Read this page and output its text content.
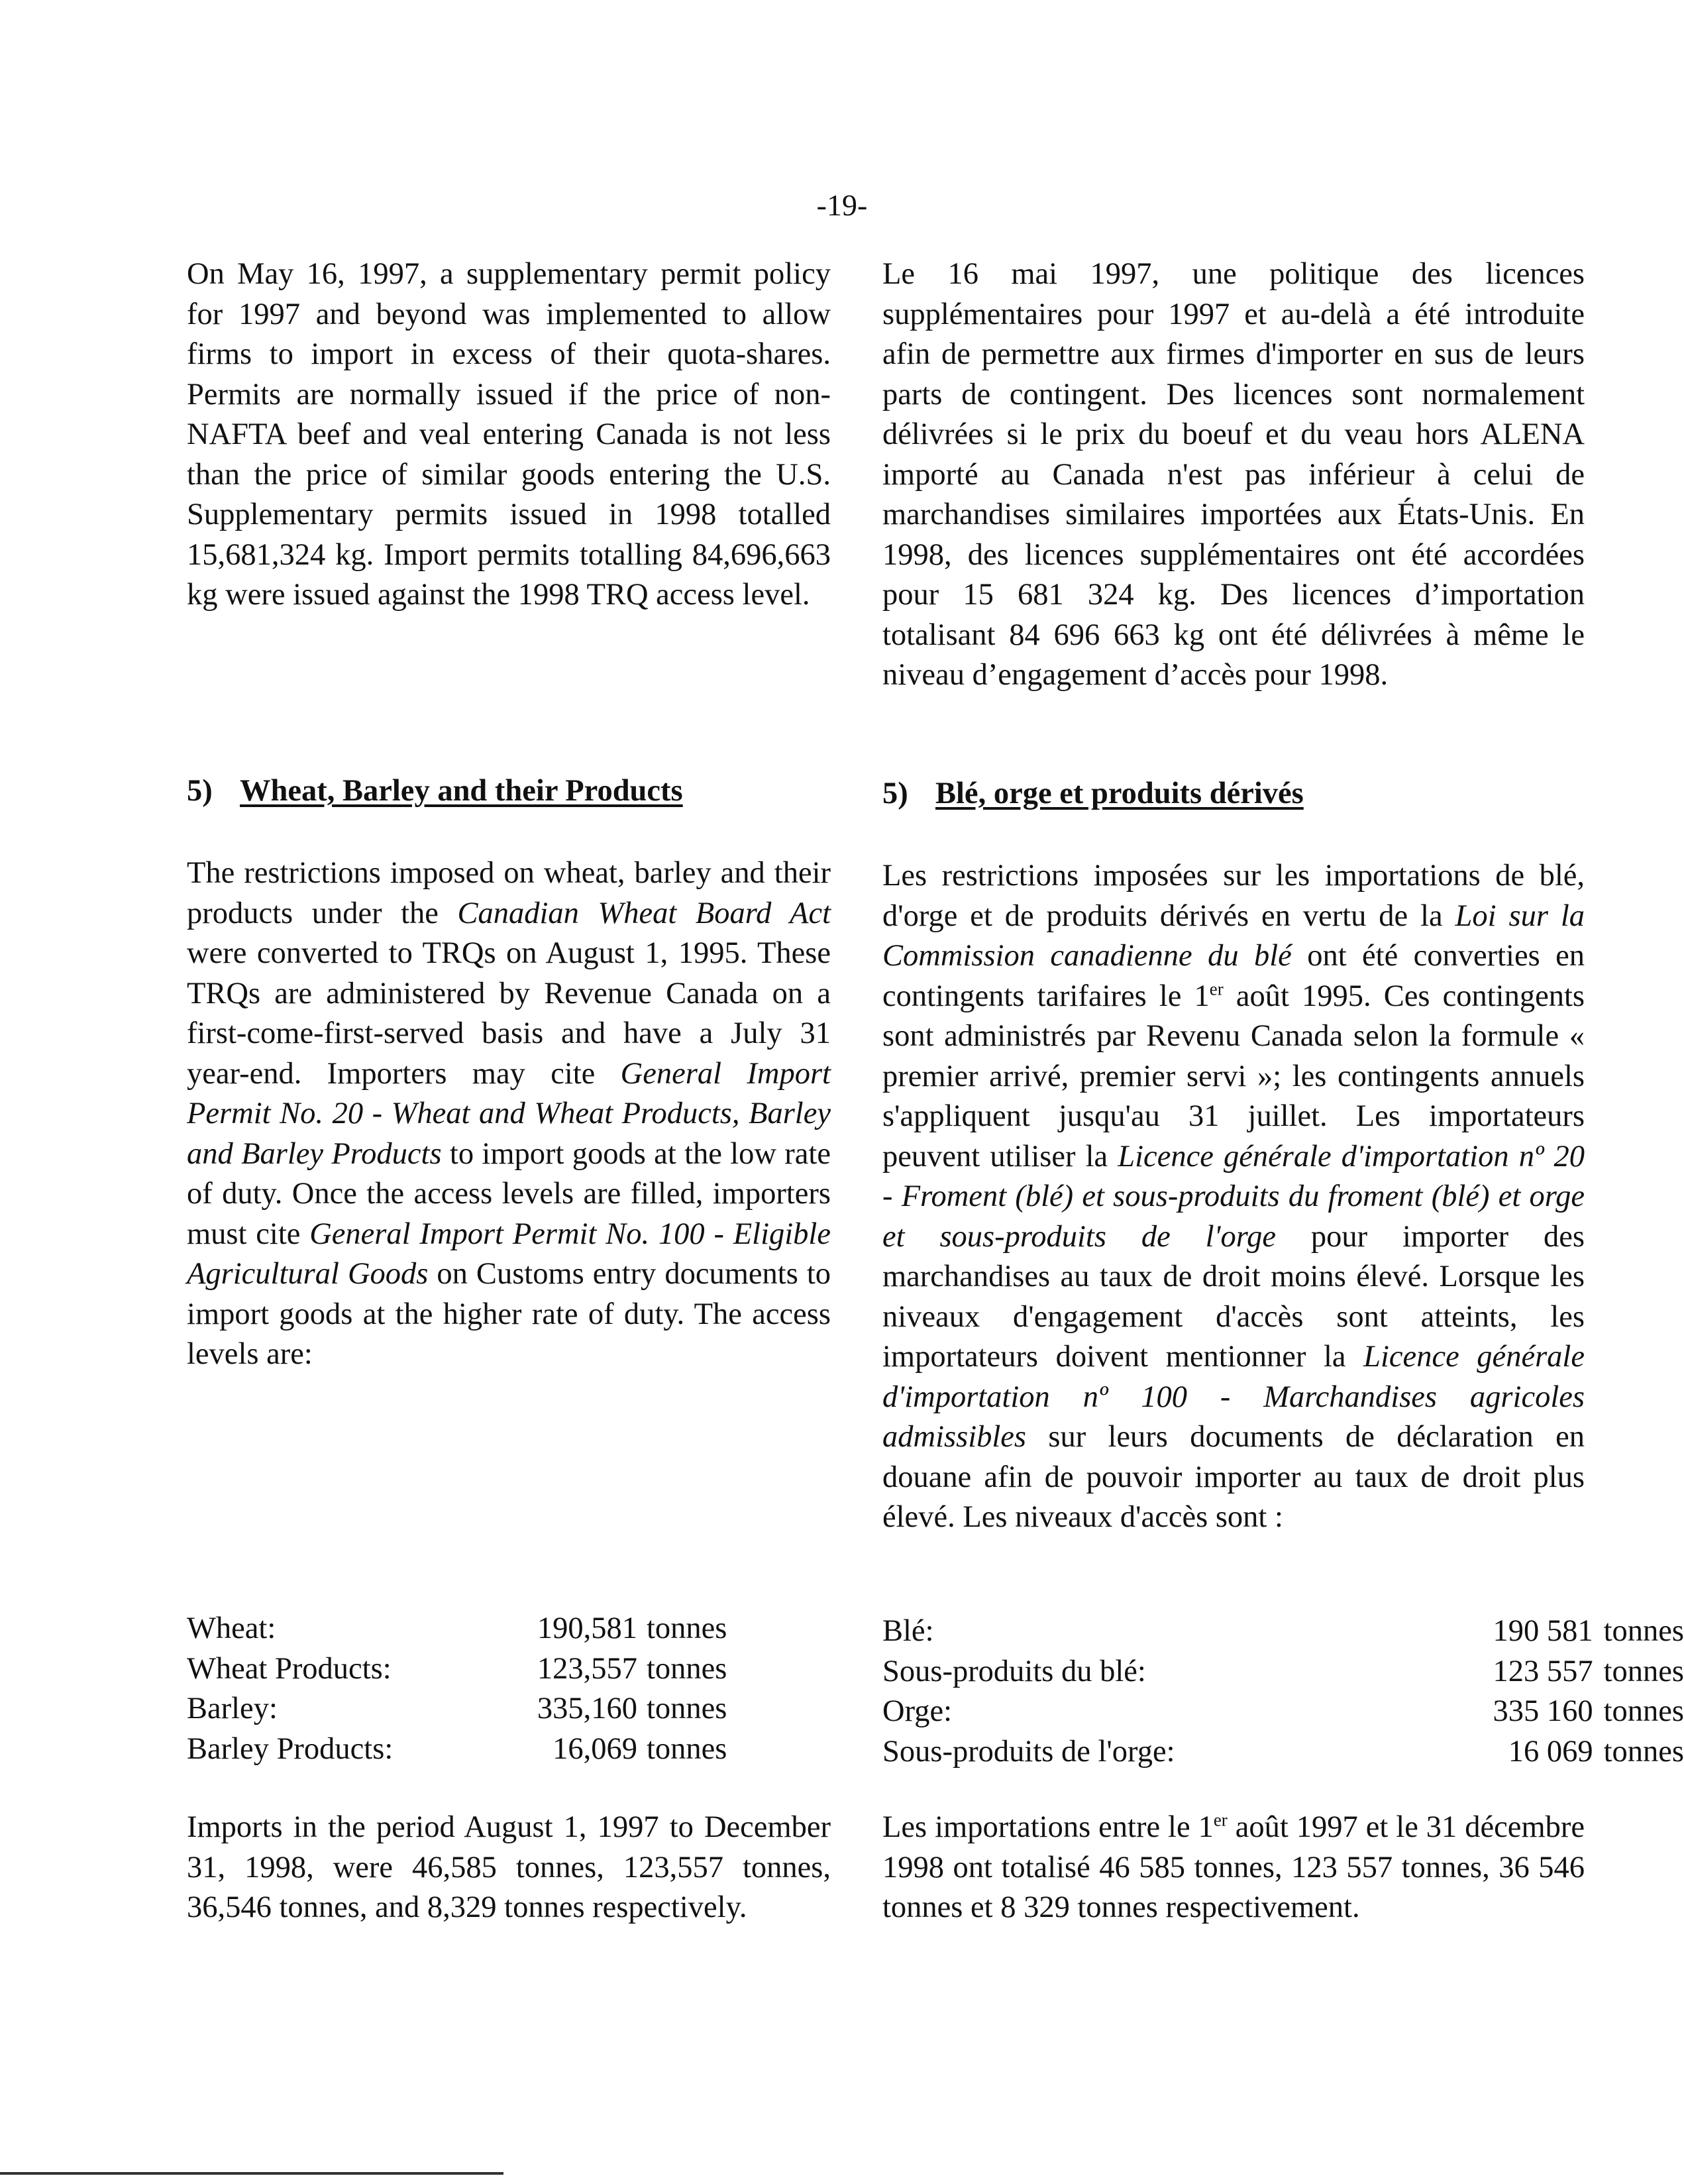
-19-

On May 16, 1997, a supplementary permit policy for 1997 and beyond was implemented to allow firms to import in excess of their quota-shares. Permits are normally issued if the price of non-NAFTA beef and veal entering Canada is not less than the price of similar goods entering the U.S. Supplementary permits issued in 1998 totalled 15,681,324 kg. Import permits totalling 84,696,663 kg were issued against the 1998 TRQ access level.

5) Wheat, Barley and their Products

The restrictions imposed on wheat, barley and their products under the Canadian Wheat Board Act were converted to TRQs on August 1, 1995. These TRQs are administered by Revenue Canada on a first-come-first-served basis and have a July 31 year-end. Importers may cite General Import Permit No. 20 - Wheat and Wheat Products, Barley and Barley Products to import goods at the low rate of duty. Once the access levels are filled, importers must cite General Import Permit No. 100 - Eligible Agricultural Goods on Customs entry documents to import goods at the higher rate of duty. The access levels are:

Wheat:	190,581	tonnes
Wheat Products:	123,557	tonnes
Barley:	335,160	tonnes
Barley Products:	16,069	tonnes

Imports in the period August 1, 1997 to December 31, 1998, were 46,585 tonnes, 123,557 tonnes, 36,546 tonnes, and 8,329 tonnes respectively.

Le 16 mai 1997, une politique des licences supplémentaires pour 1997 et au-delà a été introduite afin de permettre aux firmes d'importer en sus de leurs parts de contingent. Des licences sont normalement délivrées si le prix du boeuf et du veau hors ALENA importé au Canada n'est pas inférieur à celui de marchandises similaires importées aux États-Unis. En 1998, des licences supplémentaires ont été accordées pour 15 681 324 kg. Des licences d’importation totalisant 84 696 663 kg ont été délivrées à même le niveau d’engagement d’accès pour 1998.

5) Blé, orge et produits dérivés

Les restrictions imposées sur les importations de blé, d'orge et de produits dérivés en vertu de la Loi sur la Commission canadienne du blé ont été converties en contingents tarifaires le 1er août 1995. Ces contingents sont administrés par Revenu Canada selon la formule « premier arrivé, premier servi »; les contingents annuels s'appliquent jusqu'au 31 juillet. Les importateurs peuvent utiliser la Licence générale d'importation nº 20 - Froment (blé) et sous-produits du froment (blé) et orge et sous-produits de l'orge pour importer des marchandises au taux de droit moins élevé. Lorsque les niveaux d'engagement d'accès sont atteints, les importateurs doivent mentionner la Licence générale d'importation nº 100 - Marchandises agricoles admissibles sur leurs documents de déclaration en douane afin de pouvoir importer au taux de droit plus élevé. Les niveaux d'accès sont :

Blé:	190 581	tonnes
Sous-produits du blé:	123 557	tonnes
Orge:	335 160	tonnes
Sous-produits de l'orge:	16 069	tonnes

Les importations entre le 1er août 1997 et le 31 décembre 1998 ont totalisé 46 585 tonnes, 123 557 tonnes, 36 546 tonnes et 8 329 tonnes respectivement.
